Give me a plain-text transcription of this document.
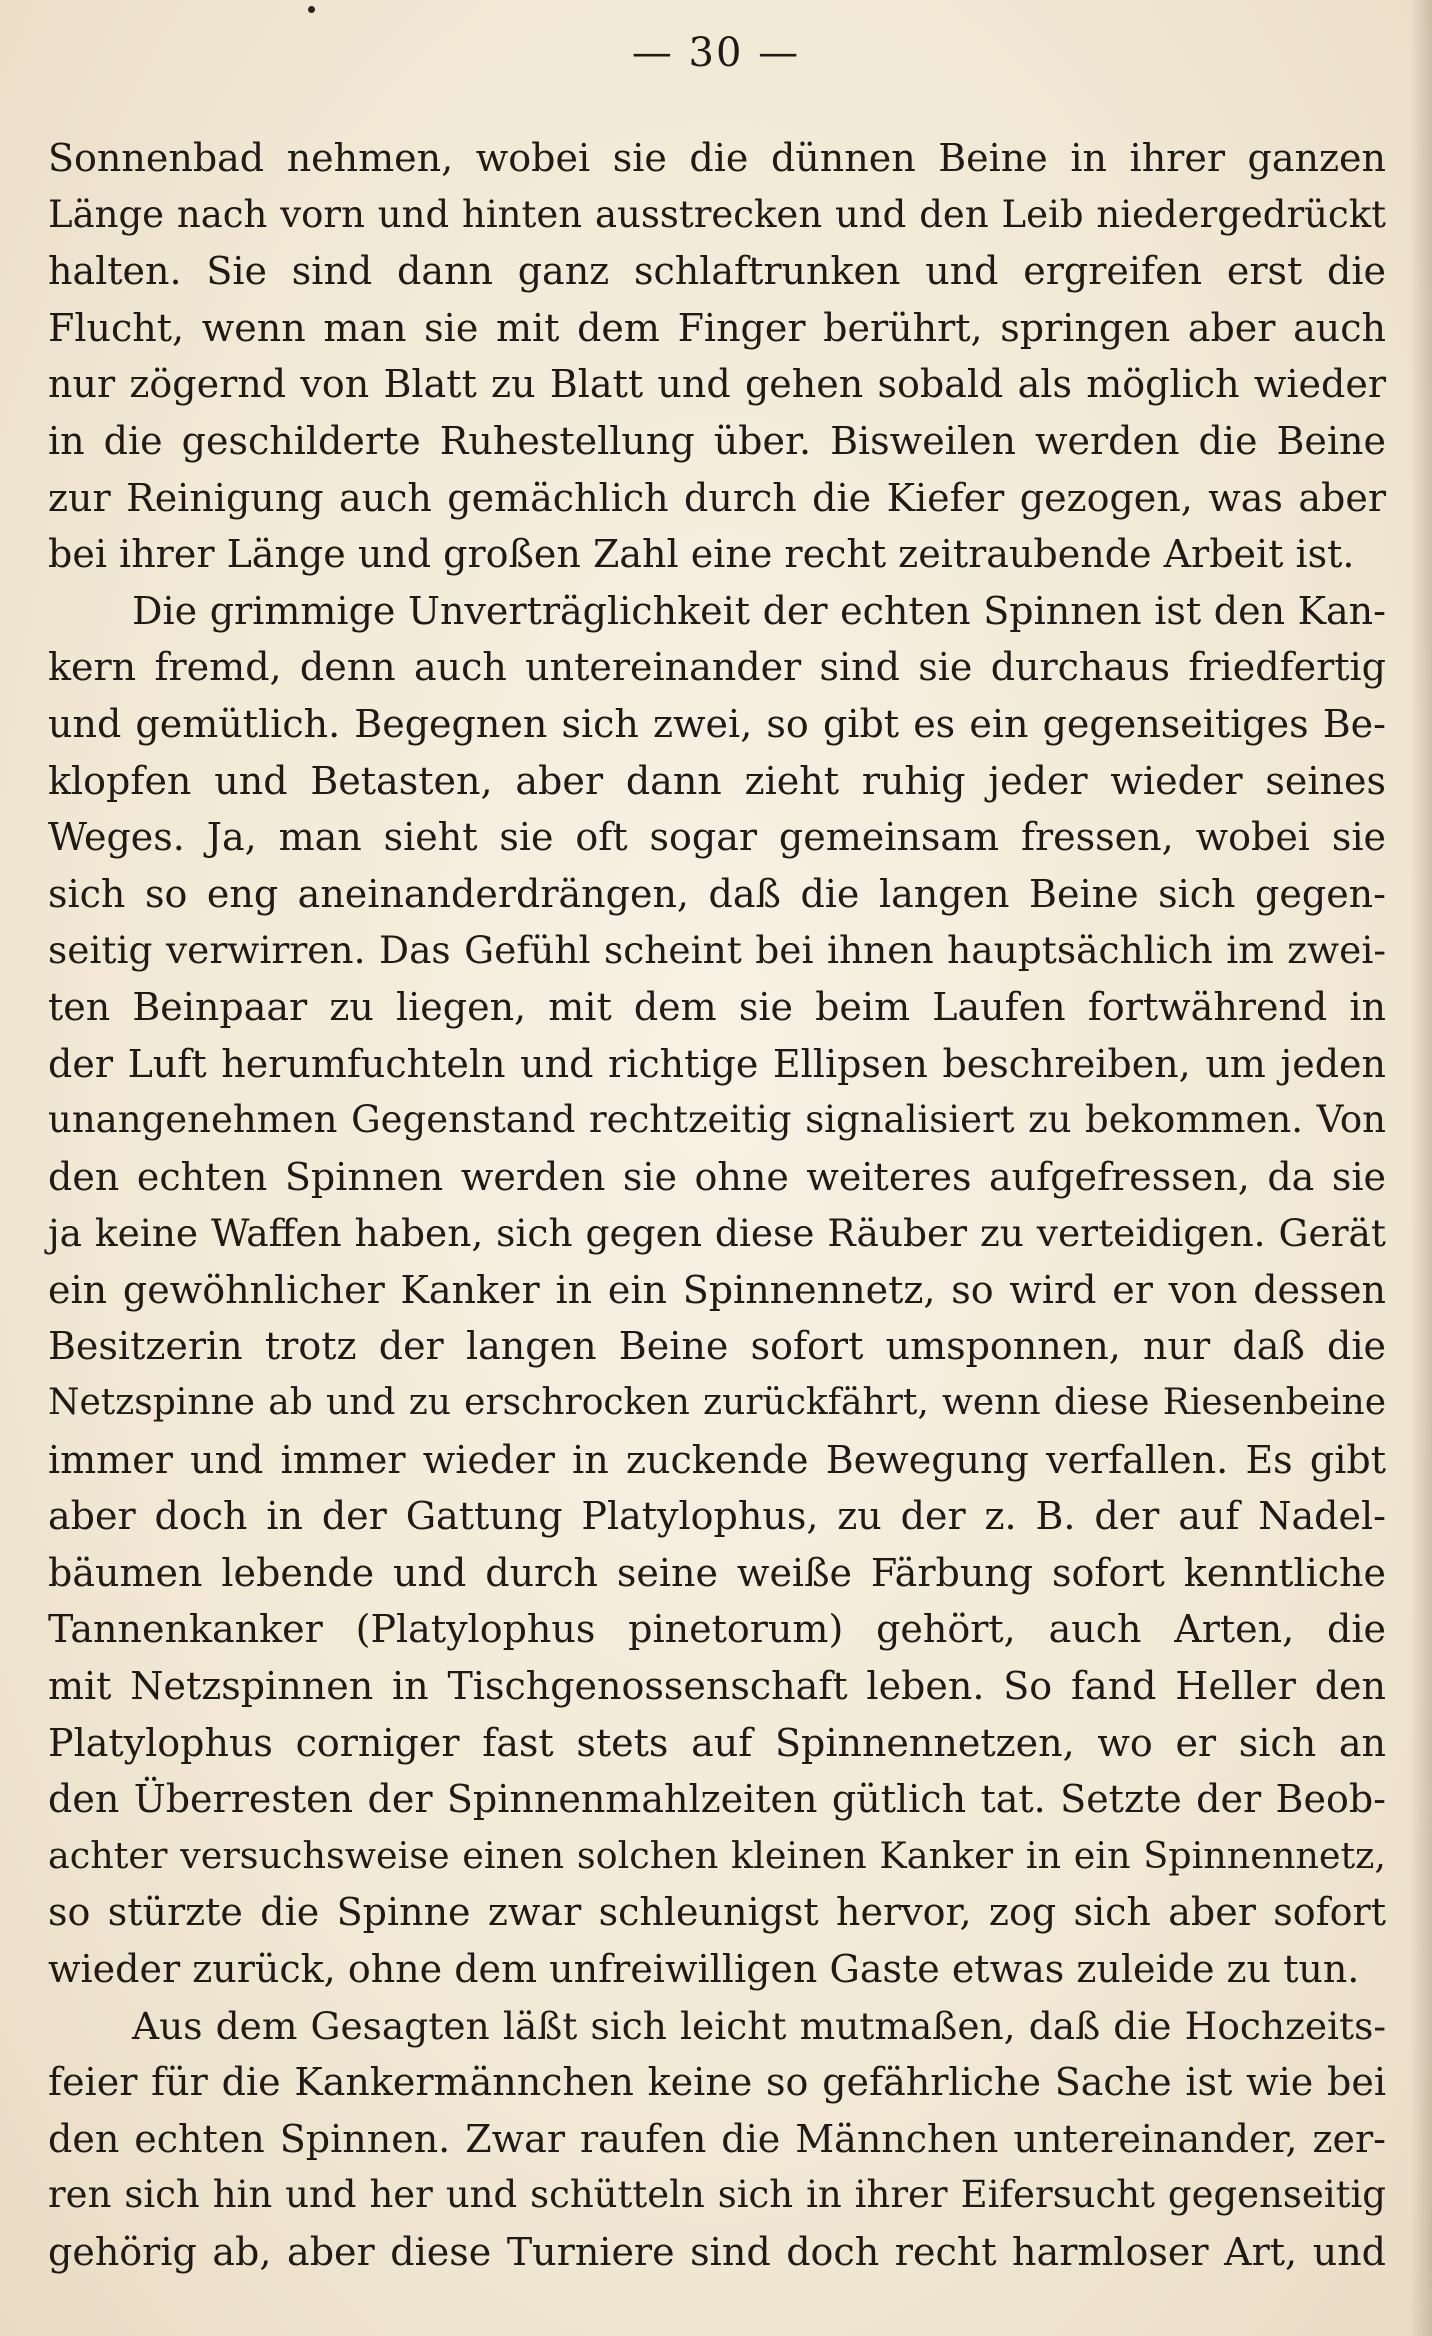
— 30 —
Sonnenbad nehmen, wobei sie die dünnen Beine in ihrer ganzen
Länge nach vorn und hinten ausstrecken und den Leib niedergedrückt
halten. Sie sind dann ganz schlaftrunken und ergreifen erst die
Flucht, wenn man sie mit dem Finger berührt, springen aber auch
nur zögernd von Blatt zu Blatt und gehen sobald als möglich wieder
in die geschilderte Ruhestellung über. Bisweilen werden die Beine
zur Reinigung auch gemächlich durch die Kiefer gezogen, was aber
bei ihrer Länge und großen Zahl eine recht zeitraubende Arbeit ist.
Die grimmige Unverträglichkeit der echten Spinnen ist den Kan-
kern fremd, denn auch untereinander sind sie durchaus friedfertig
und gemütlich. Begegnen sich zwei, so gibt es ein gegenseitiges Be-
klopfen und Betasten, aber dann zieht ruhig jeder wieder seines
Weges. Ja, man sieht sie oft sogar gemeinsam fressen, wobei sie
sich so eng aneinanderdrängen, daß die langen Beine sich gegen-
seitig verwirren. Das Gefühl scheint bei ihnen hauptsächlich im zwei-
ten Beinpaar zu liegen, mit dem sie beim Laufen fortwährend in
der Luft herumfuchteln und richtige Ellipsen beschreiben, um jeden
unangenehmen Gegenstand rechtzeitig signalisiert zu bekommen. Von
den echten Spinnen werden sie ohne weiteres aufgefressen, da sie
ja keine Waffen haben, sich gegen diese Räuber zu verteidigen. Gerät
ein gewöhnlicher Kanker in ein Spinnennetz, so wird er von dessen
Besitzerin trotz der langen Beine sofort umsponnen, nur daß die
Netzspinne ab und zu erschrocken zurückfährt, wenn diese Riesenbeine
immer und immer wieder in zuckende Bewegung verfallen. Es gibt
aber doch in der Gattung Platylophus, zu der z. B. der auf Nadel-
bäumen lebende und durch seine weiße Färbung sofort kenntliche
Tannenkanker (Platylophus pinetorum) gehört, auch Arten, die
mit Netzspinnen in Tischgenossenschaft leben. So fand Heller den
Platylophus corniger fast stets auf Spinnennetzen, wo er sich an
den Überresten der Spinnenmahlzeiten gütlich tat. Setzte der Beob-
achter versuchsweise einen solchen kleinen Kanker in ein Spinnennetz,
so stürzte die Spinne zwar schleunigst hervor, zog sich aber sofort
wieder zurück, ohne dem unfreiwilligen Gaste etwas zuleide zu tun.
Aus dem Gesagten läßt sich leicht mutmaßen, daß die Hochzeits-
feier für die Kankermännchen keine so gefährliche Sache ist wie bei
den echten Spinnen. Zwar raufen die Männchen untereinander, zer-
ren sich hin und her und schütteln sich in ihrer Eifersucht gegenseitig
gehörig ab, aber diese Turniere sind doch recht harmloser Art, und
